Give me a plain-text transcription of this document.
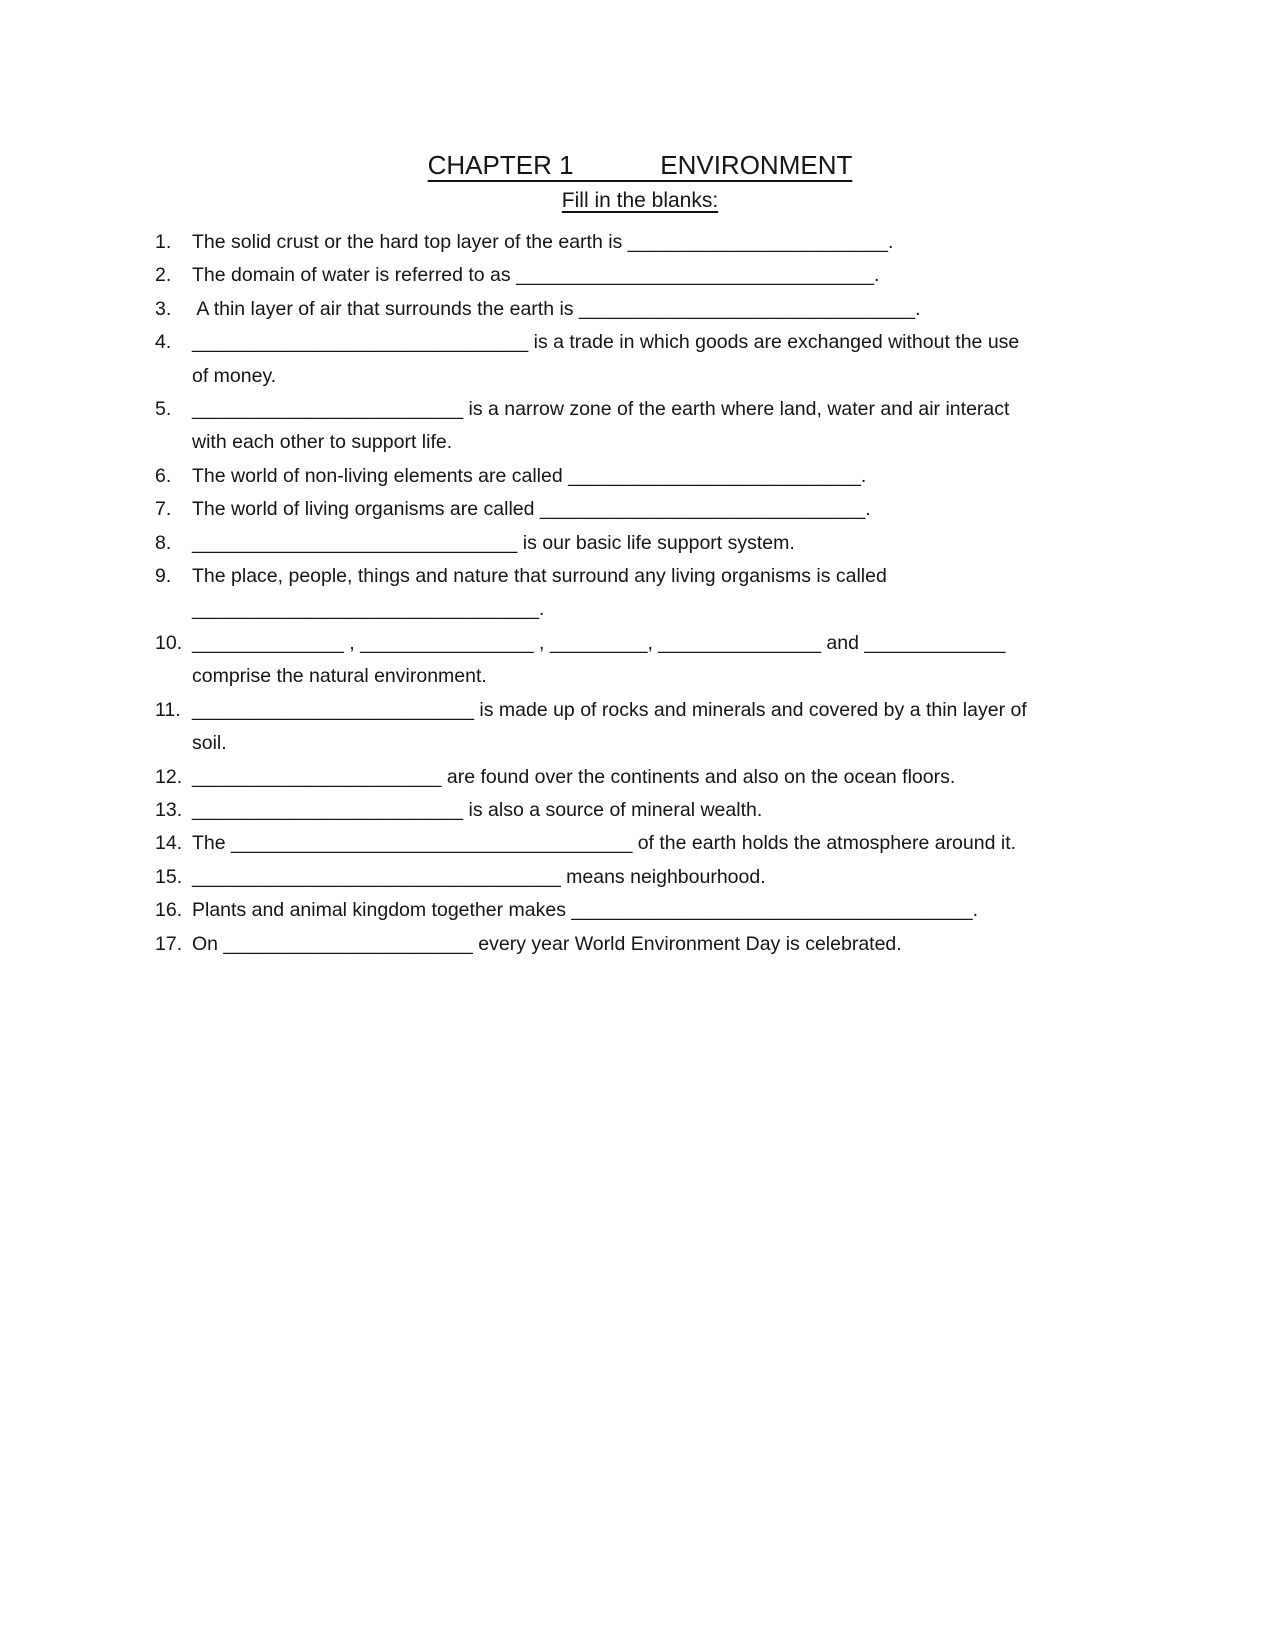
CHAPTER 1            ENVIRONMENT
Fill in the blanks:
1.	The solid crust or the hard top layer of the earth is ________________________.
2.	The domain of water is referred to as _________________________________.
3.	A thin layer of air that surrounds the earth is _______________________________.
4.	_______________________________ is a trade in which goods are exchanged without the use
of money.
5.	_________________________ is a narrow zone of the earth where land, water and air interact
with each other to support life.
6.	The world of non-living elements are called ___________________________.
7.	The world of living organisms are called ______________________________.
8.	______________________________ is our basic life support system.
9.	The place, people, things and nature that surround any living organisms is called
________________________________.
10. ______________ , ________________ , _________, _______________ and _____________
comprise the natural environment.
11. __________________________ is made up of rocks and minerals and covered by a thin layer of
soil.
12. _______________________ are found over the continents and also on the ocean floors.
13. _________________________ is also a source of mineral wealth.
14. The _____________________________________ of the earth holds the atmosphere around it.
15. __________________________________ means neighbourhood.
16. Plants and animal kingdom together makes _____________________________________.
17. On _______________________ every year World Environment Day is celebrated.
